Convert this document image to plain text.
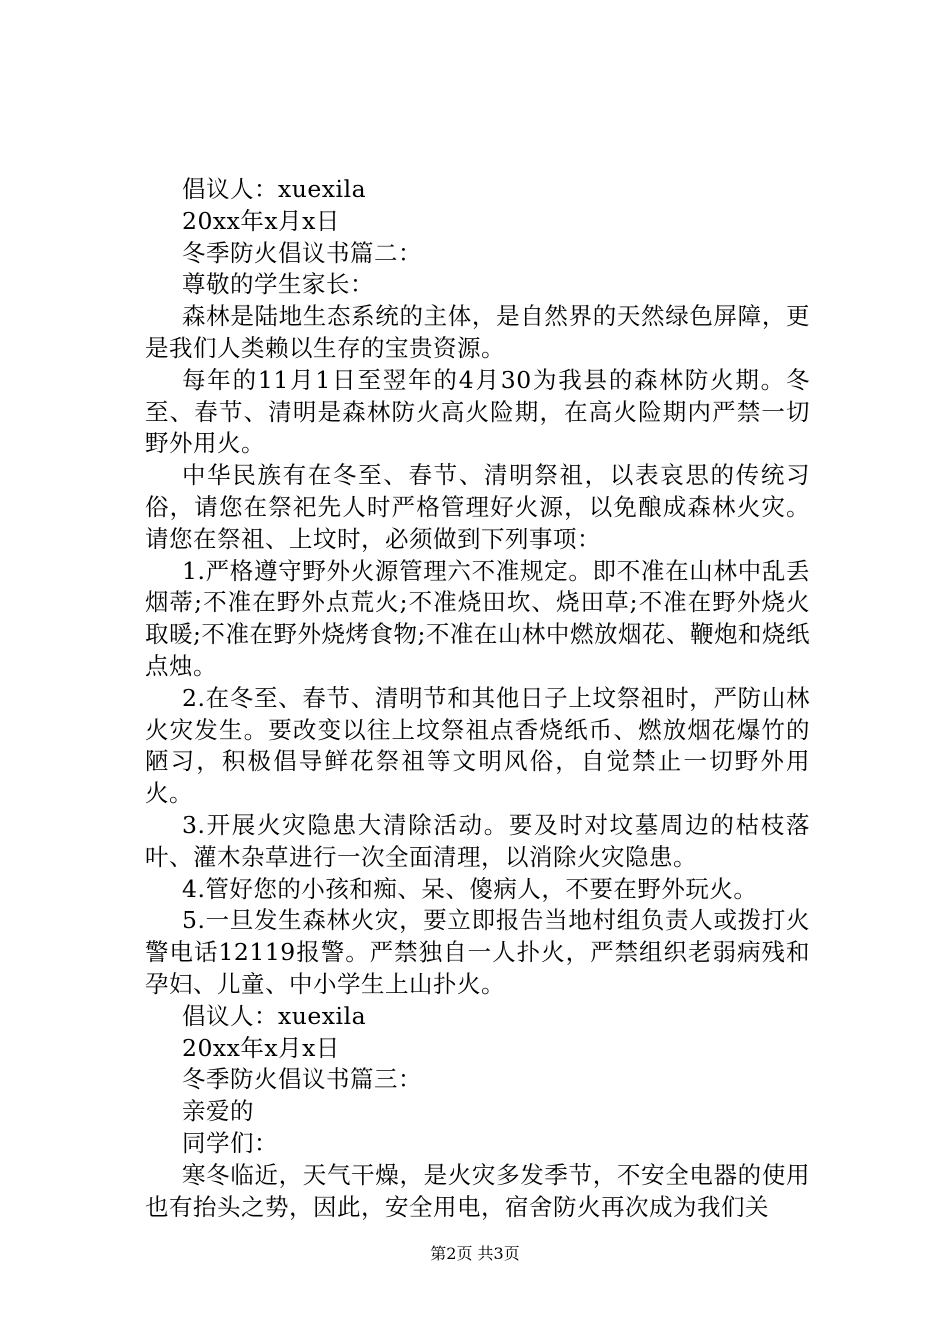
倡议人：xuexila

20xx年x月x日

冬季防火倡议书篇二：

尊敬的学生家长：

森林是陆地生态系统的主体，是自然界的天然绿色屏障，更是我们人类赖以生存的宝贵资源。

每年的11月1日至翌年的4月30为我县的森林防火期。冬至、春节、清明是森林防火高火险期，在高火险期内严禁一切野外用火。

中华民族有在冬至、春节、清明祭祖，以表哀思的传统习俗，请您在祭祀先人时严格管理好火源，以免酿成森林火灾。请您在祭祖、上坟时，必须做到下列事项：

1.严格遵守野外火源管理六不准规定。即不准在山林中乱丢烟蒂;不准在野外点荒火;不准烧田坎、烧田草;不准在野外烧火取暖;不准在野外烧烤食物;不准在山林中燃放烟花、鞭炮和烧纸点烛。

2.在冬至、春节、清明节和其他日子上坟祭祖时，严防山林火灾发生。要改变以往上坟祭祖点香烧纸币、燃放烟花爆竹的陋习，积极倡导鲜花祭祖等文明风俗，自觉禁止一切野外用火。

3.开展火灾隐患大清除活动。要及时对坟墓周边的枯枝落叶、灌木杂草进行一次全面清理，以消除火灾隐患。

4.管好您的小孩和痴、呆、傻病人，不要在野外玩火。

5.一旦发生森林火灾，要立即报告当地村组负责人或拨打火警电话12119报警。严禁独自一人扑火，严禁组织老弱病残和孕妇、儿童、中小学生上山扑火。

倡议人：xuexila

20xx年x月x日

冬季防火倡议书篇三：

亲爱的

同学们：

寒冬临近，天气干燥，是火灾多发季节，不安全电器的使用也有抬头之势，因此，安全用电，宿舍防火再次成为我们关

第2页 共3页
